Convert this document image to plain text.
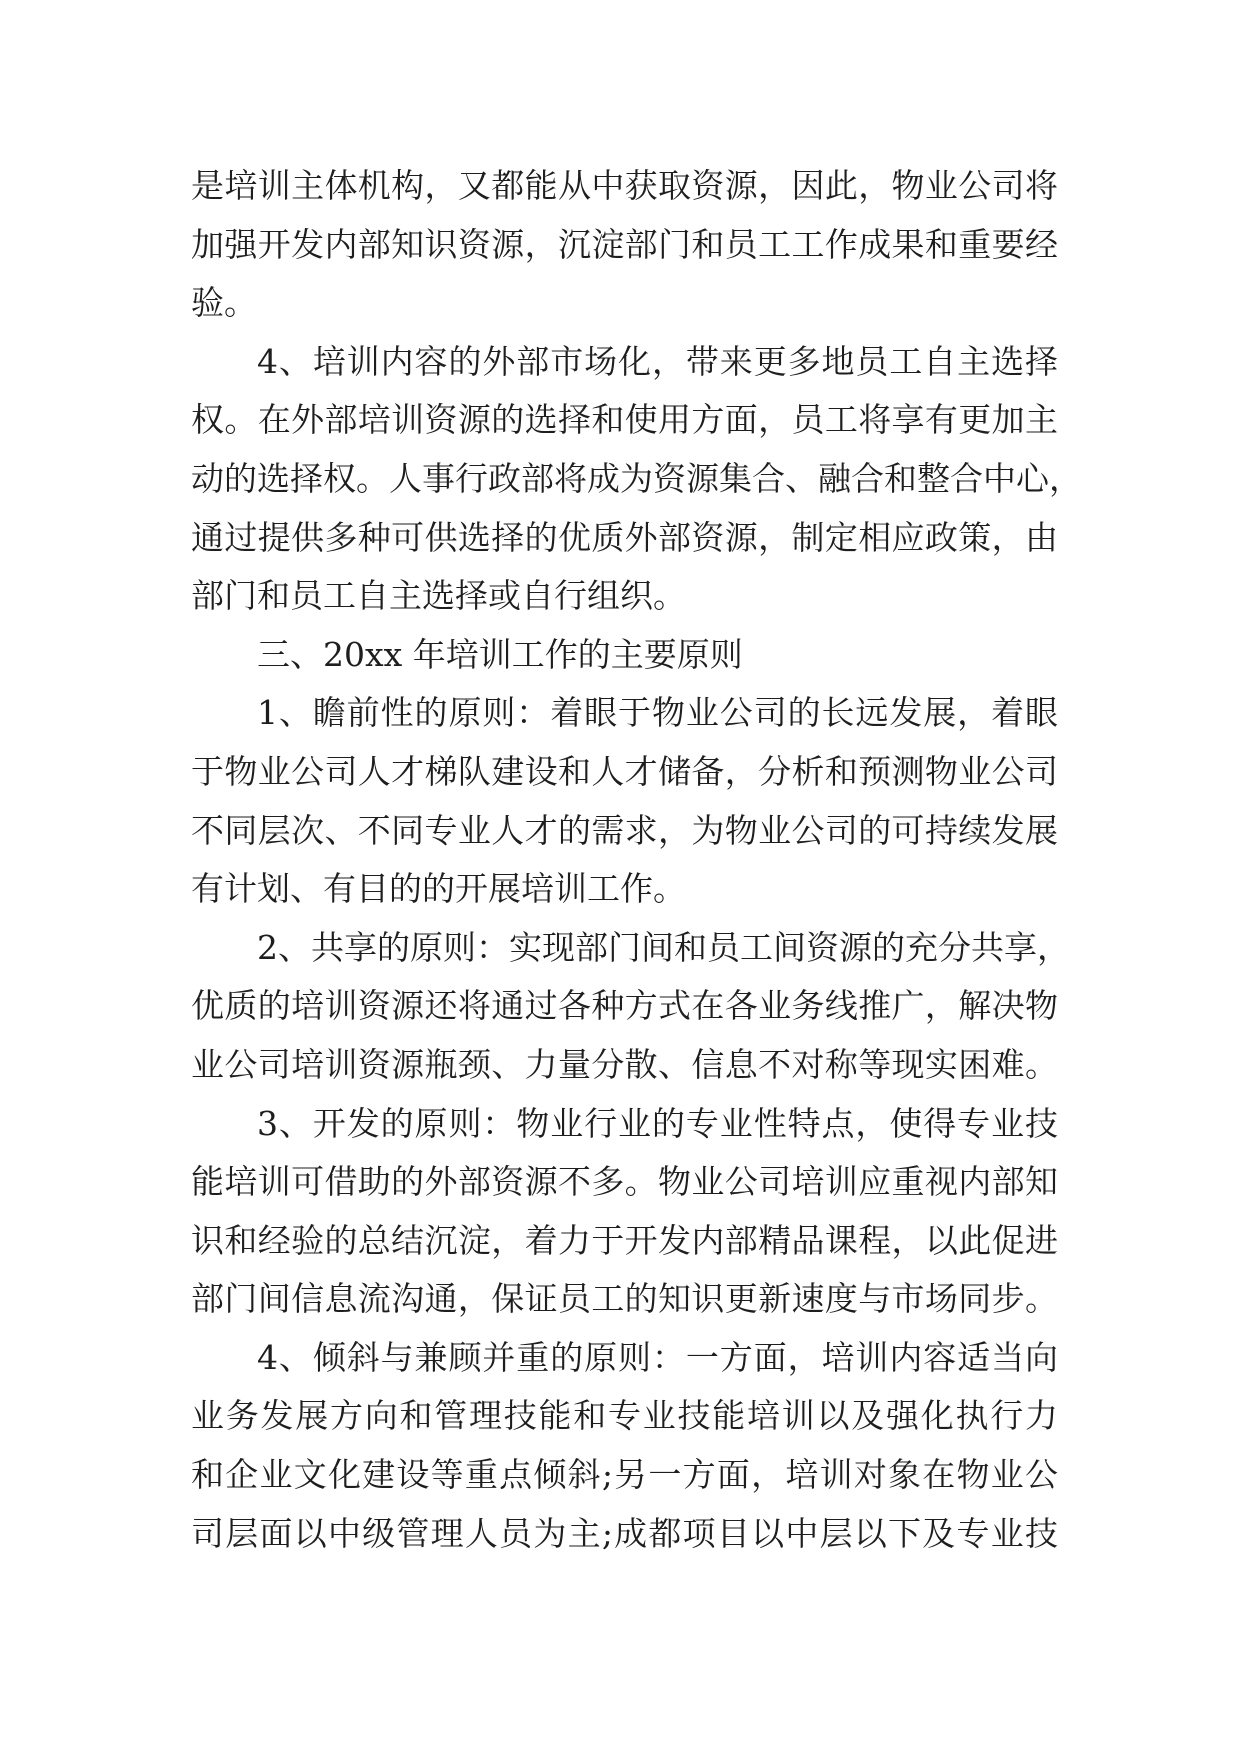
是培训主体机构，又都能从中获取资源，因此，物业公司将
加强开发内部知识资源，沉淀部门和员工工作成果和重要经
验。
4、培训内容的外部市场化，带来更多地员工自主选择
权。在外部培训资源的选择和使用方面，员工将享有更加主
动的选择权。人事行政部将成为资源集合、融合和整合中心，
通过提供多种可供选择的优质外部资源，制定相应政策，由
部门和员工自主选择或自行组织。
三、20xx 年培训工作的主要原则
1、瞻前性的原则：着眼于物业公司的长远发展，着眼
于物业公司人才梯队建设和人才储备，分析和预测物业公司
不同层次、不同专业人才的需求，为物业公司的可持续发展
有计划、有目的的开展培训工作。
2、共享的原则：实现部门间和员工间资源的充分共享，
优质的培训资源还将通过各种方式在各业务线推广，解决物
业公司培训资源瓶颈、力量分散、信息不对称等现实困难。
3、开发的原则：物业行业的专业性特点，使得专业技
能培训可借助的外部资源不多。物业公司培训应重视内部知
识和经验的总结沉淀，着力于开发内部精品课程，以此促进
部门间信息流沟通，保证员工的知识更新速度与市场同步。
4、倾斜与兼顾并重的原则：一方面，培训内容适当向
业务发展方向和管理技能和专业技能培训以及强化执行力
和企业文化建设等重点倾斜;另一方面，培训对象在物业公
司层面以中级管理人员为主;成都项目以中层以下及专业技
